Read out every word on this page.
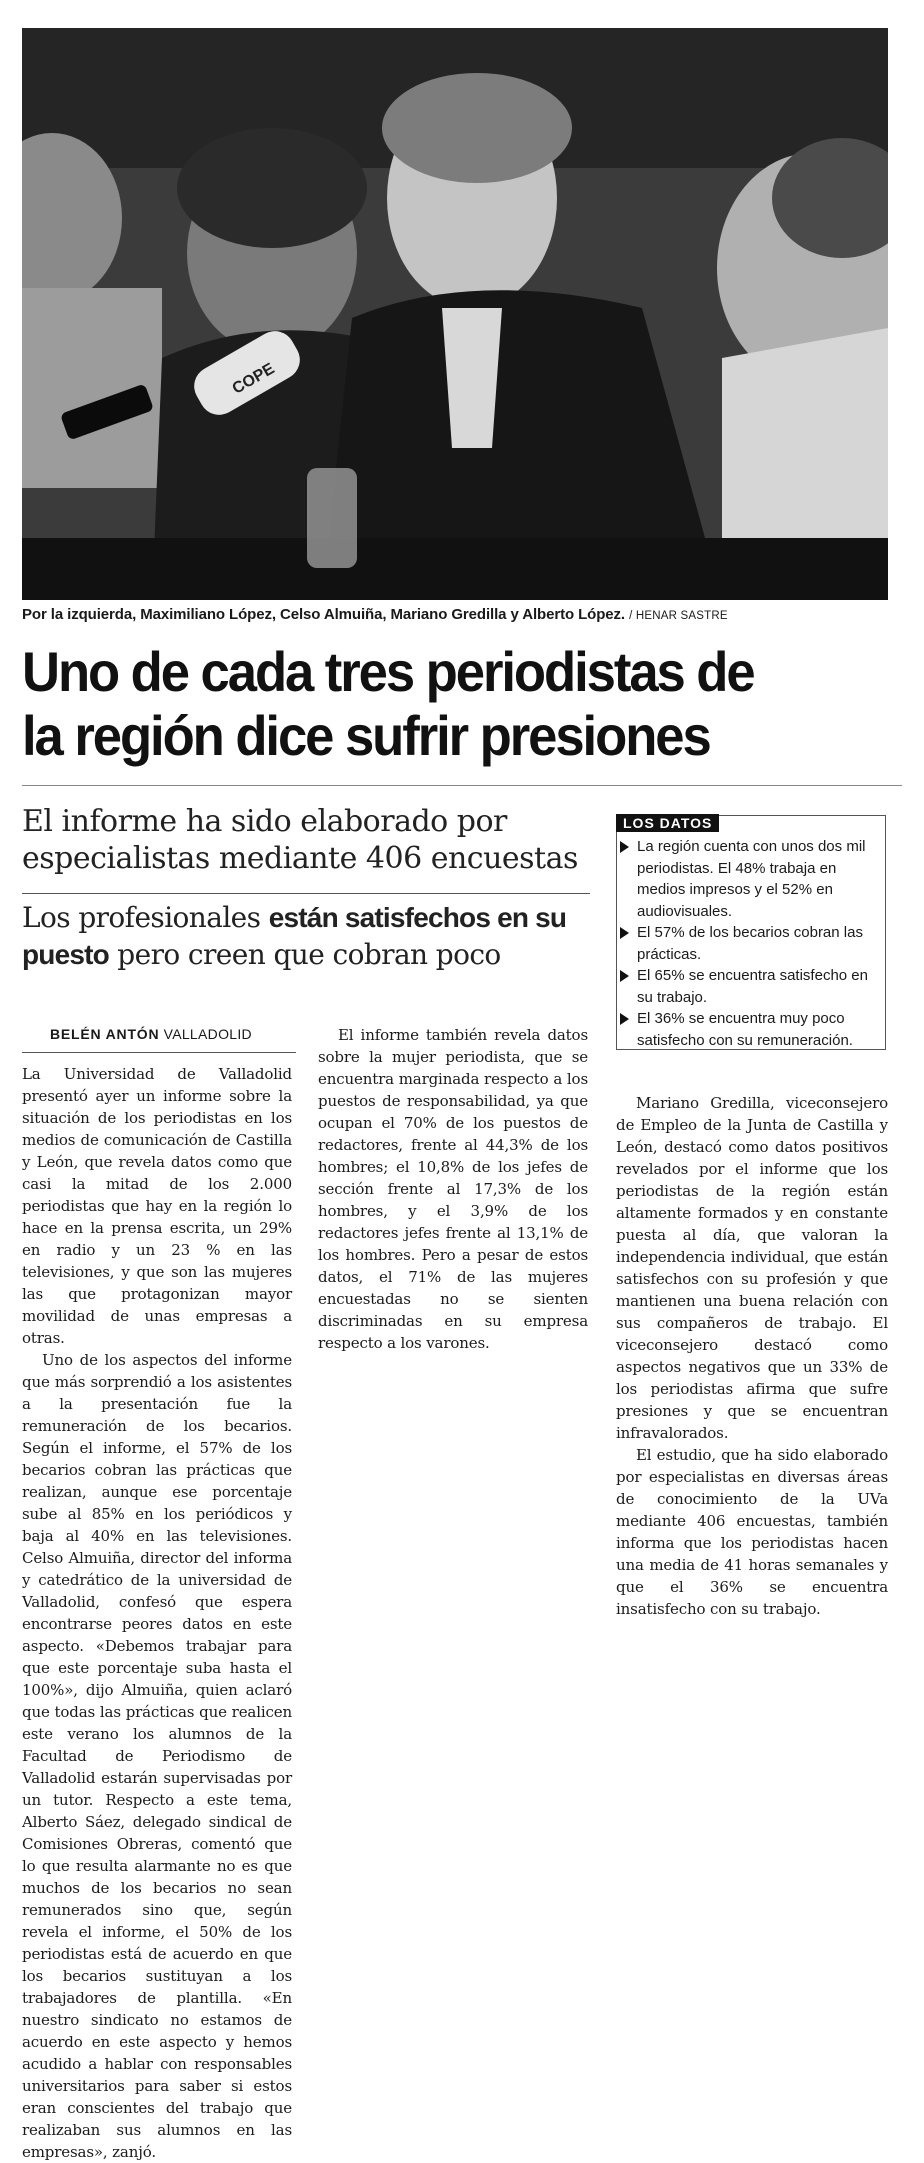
COPE
Por la izquierda, Maximiliano López, Celso Almuiña, Mariano Gredilla y Alberto López. / HENAR SASTRE
Uno de cada tres periodistas de
la región dice sufrir presiones
El informe ha sido elaborado por
especialistas mediante 406 encuestas
Los profesionales están satisfechos en su puesto pero creen que cobran poco
LOS DATOS
La región cuenta con unos dos mil periodistas. El 48% trabaja en medios impresos y el 52% en audiovisuales.
El 57% de los becarios cobran las prácticas.
El 65% se encuentra satisfecho en su trabajo.
El 36% se encuentra muy poco satisfecho con su remuneración.
BELÉN ANTÓN VALLADOLID

La Universidad de Valladolid presentó ayer un informe sobre la situación de los periodistas en los medios de comunicación de Castilla y León, que revela datos como que casi la mitad de los 2.000 periodistas que hay en la región lo hace en la prensa escrita, un 29% en radio y un 23 % en las televisiones, y que son las mujeres las que protagonizan mayor movilidad de unas empresas a otras.

Uno de los aspectos del informe que más sorprendió a los asistentes a la presentación fue la remuneración de los becarios. Según el informe, el 57% de los becarios cobran las prácticas que realizan, aunque ese porcentaje sube al 85% en los periódicos y baja al 40% en las televisiones. Celso Almuiña, director del informa y catedrático de la universidad de Valladolid, confesó que espera encontrarse peores datos en este aspecto. «Debemos trabajar para que este porcentaje suba hasta el 100%», dijo Almuiña, quien aclaró que todas las prácticas que realicen este verano los alumnos de la Facultad de Periodismo de Valladolid estarán supervisadas por un tutor. Respecto a este tema, Alberto Sáez, delegado sindical de Comisiones Obreras, comentó que lo que resulta alarmante no es que muchos de los becarios no sean remunerados sino que, según revela el informe, el 50% de los periodistas está de acuerdo en que los becarios sustituyan a los trabajadores de plantilla. «En nuestro sindicato no estamos de acuerdo en este aspecto y hemos acudido a hablar con responsables universitarios para saber si estos eran conscientes del trabajo que realizaban sus alumnos en las empresas», zanjó.

El informe también revela datos sobre la mujer periodista, que se encuentra marginada respecto a los puestos de responsabilidad, ya que ocupan el 70% de los puestos de redactores, frente al 44,3% de los hombres; el 10,8% de los jefes de sección frente al 17,3% de los hombres, y el 3,9% de los redactores jefes frente al 13,1% de los hombres. Pero a pesar de estos datos, el 71% de las mujeres encuestadas no se sienten discriminadas en su empresa respecto a los varones.

Mariano Gredilla, viceconsejero de Empleo de la Junta de Castilla y León, destacó como datos positivos revelados por el informe que los periodistas de la región están altamente formados y en constante puesta al día, que valoran la independencia individual, que están satisfechos con su profesión y que mantienen una buena relación con sus compañeros de trabajo. El viceconsejero destacó como aspectos negativos que un 33% de los periodistas afirma que sufre presiones y que se encuentran infravalorados.

El estudio, que ha sido elaborado por especialistas en diversas áreas de conocimiento de la UVa mediante 406 encuestas, también informa que los periodistas hacen una media de 41 horas semanales y que el 36% se encuentra insatisfecho con su trabajo.
